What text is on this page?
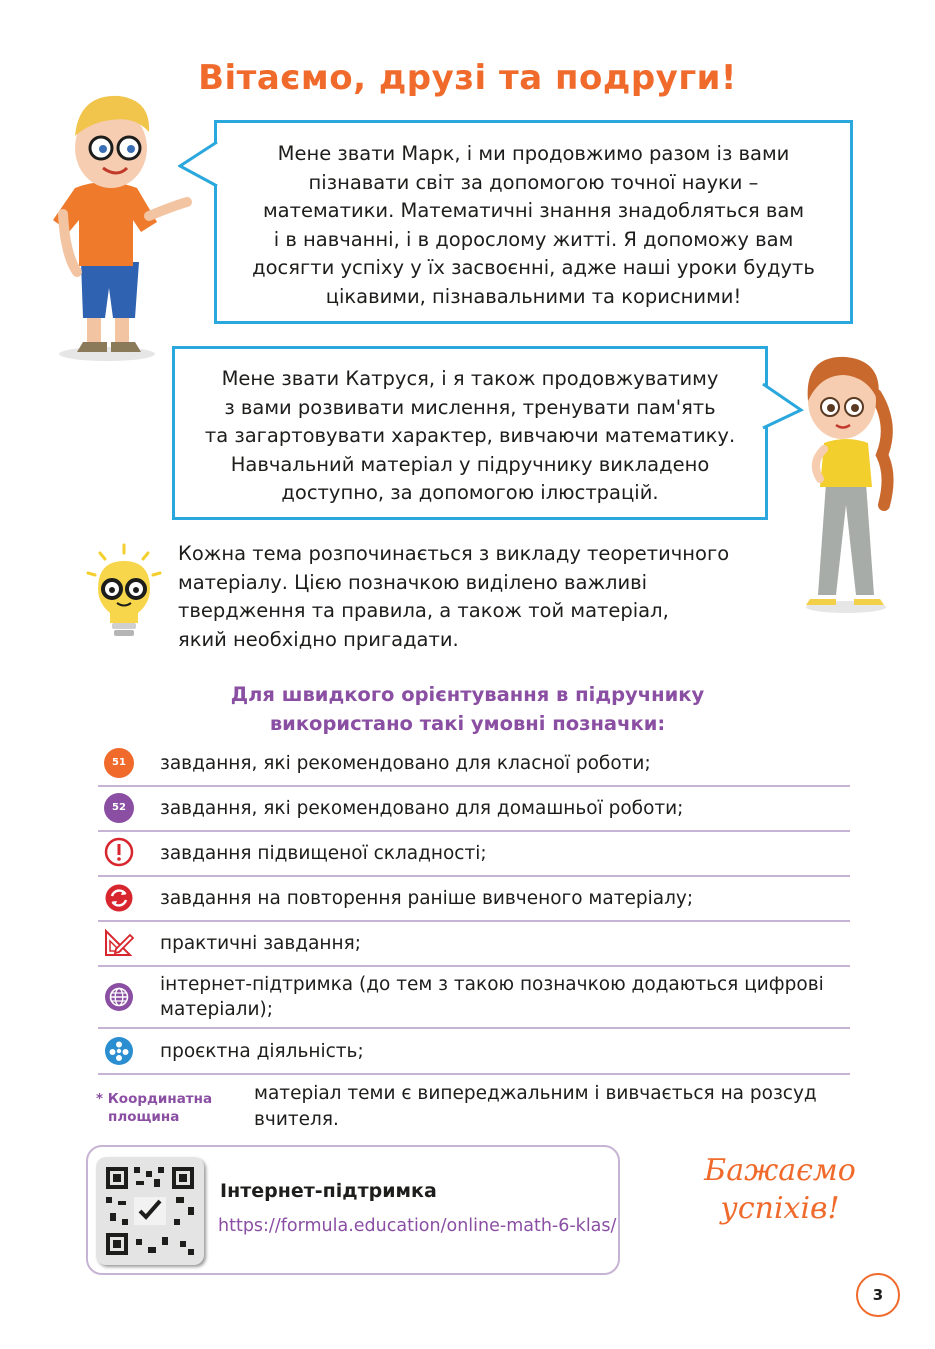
Вітаємо, друзі та подруги!
Мене звати Марк, і ми продовжимо разом із вами
пізнавати світ за допомогою точної науки –
математики. Математичні знання знадобляться вам
і в навчанні, і в дорослому житті. Я допоможу вам
досягти успіху у їх засвоєнні, адже наші уроки будуть
цікавими, пізнавальними та корисними!
Мене звати Катруся, і я також продовжуватиму
з вами розвивати мислення, тренувати пам'ять
та загартовувати характер, вивчаючи математику.
Навчальний матеріал у підручнику викладено
доступно, за допомогою ілюстрацій.
Кожна тема розпочинається з викладу теоретичного
матеріалу. Цією позначкою виділено важливі
твердження та правила, а також той матеріал,
який необхідно пригадати.
Для швидкого орієнтування в підручнику
використано такі умовні позначки:
51	завдання, які рекомендовано для класної роботи;
52	завдання, які рекомендовано для домашньої роботи;
завдання підвищеної складності;
завдання на повторення раніше вивченого матеріалу;
практичні завдання;
інтернет-підтримка (до тем з такою позначкою додаються цифрові матеріали);
проєктна діяльність;
* Координатна
площина
матеріал теми є випереджальним і вивчається на розсуд вчителя.
Інтернет-підтримка
https://formula.education/online-math-6-klas/
Бажаємо
успіхів!
3
